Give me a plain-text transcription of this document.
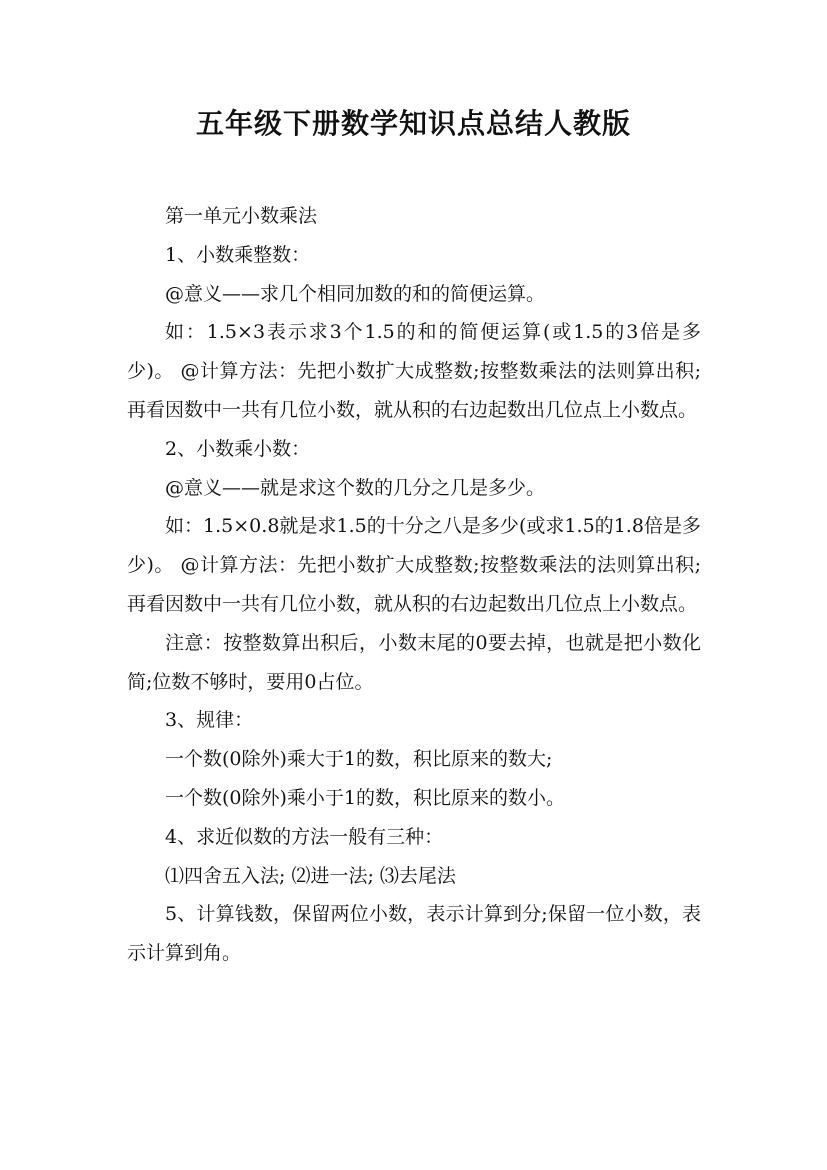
五年级下册数学知识点总结人教版

第一单元小数乘法

1、小数乘整数：

@意义——求几个相同加数的和的简便运算。

如：1.5×3表示求3个1.5的和的简便运算(或1.5的3倍是多少)。 @计算方法：先把小数扩大成整数;按整数乘法的法则算出积;再看因数中一共有几位小数，就从积的右边起数出几位点上小数点。

2、小数乘小数：

@意义——就是求这个数的几分之几是多少。

如：1.5×0.8就是求1.5的十分之八是多少(或求1.5的1.8倍是多少)。 @计算方法：先把小数扩大成整数;按整数乘法的法则算出积;再看因数中一共有几位小数，就从积的右边起数出几位点上小数点。

注意：按整数算出积后，小数末尾的0要去掉，也就是把小数化简;位数不够时，要用0占位。

3、规律：

一个数(0除外)乘大于1的数，积比原来的数大;

一个数(0除外)乘小于1的数，积比原来的数小。

4、求近似数的方法一般有三种：

⑴四舍五入法; ⑵进一法; ⑶去尾法

5、计算钱数，保留两位小数，表示计算到分;保留一位小数，表示计算到角。
